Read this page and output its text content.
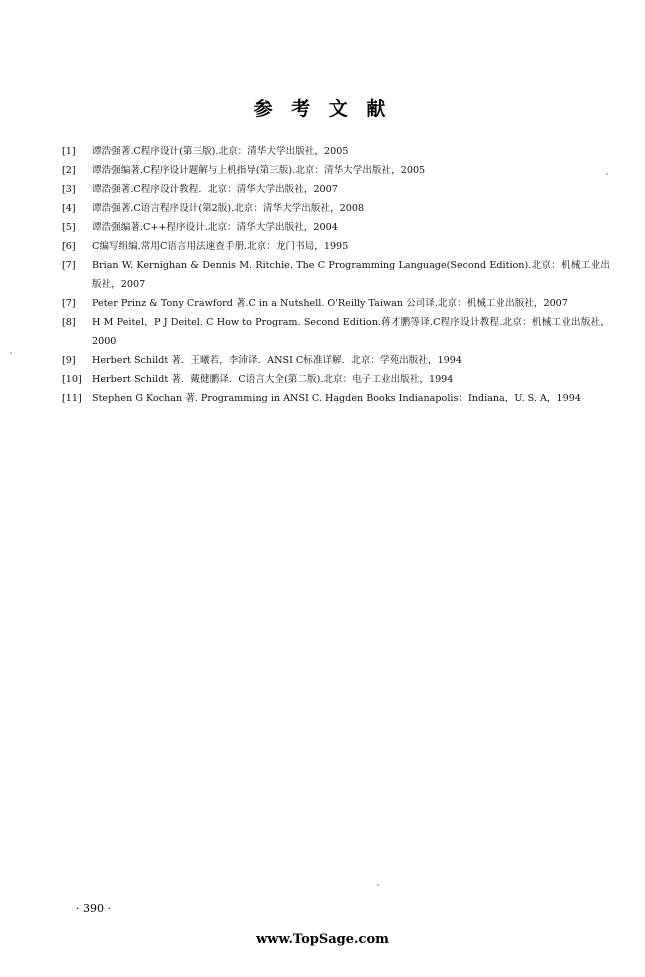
参 考 文 献
[1]	谭浩强著.C程序设计(第三版).北京：清华大学出版社，2005
[2]	谭浩强编著.C程序设计题解与上机指导(第三版).北京：清华大学出版社，2005
[3]	谭浩强著.C程序设计教程．北京：清华大学出版社，2007
[4]	谭浩强著.C语言程序设计(第2版).北京：清华大学出版社，2008
[5]	谭浩强编著.C++程序设计.北京：清华大学出版社，2004
[6]	C编写组编.常用C语言用法速查手册.北京：龙门书局，1995
[7]	Brian W. Kernighan & Dennis M. Ritchie. The C Programming Language(Second Edition).北京：机械工业出版社，2007
[7]	Peter Prinz & Tony Crawford 著.C in a Nutshell. O'Reilly Taiwan 公司译.北京：机械工业出版社，2007
[8]	H M Peitel，P J Deitel. C How to Program. Second Edition.蒋才鹏等译.C程序设计教程.北京：机械工业出版社，2000
[9]	Herbert Schildt 著．王曦若，李沛译．ANSI C标准详解．北京：学苑出版社，1994
[10]	Herbert Schildt 著．戴健鹏译．C语言大全(第二版).北京：电子工业出版社，1994
[11]	Stephen G Kochan 著. Programming in ANSI C. Hagden Books Indianapolis：Indiana，U. S. A，1994
· 390 ·
www.TopSage.com
